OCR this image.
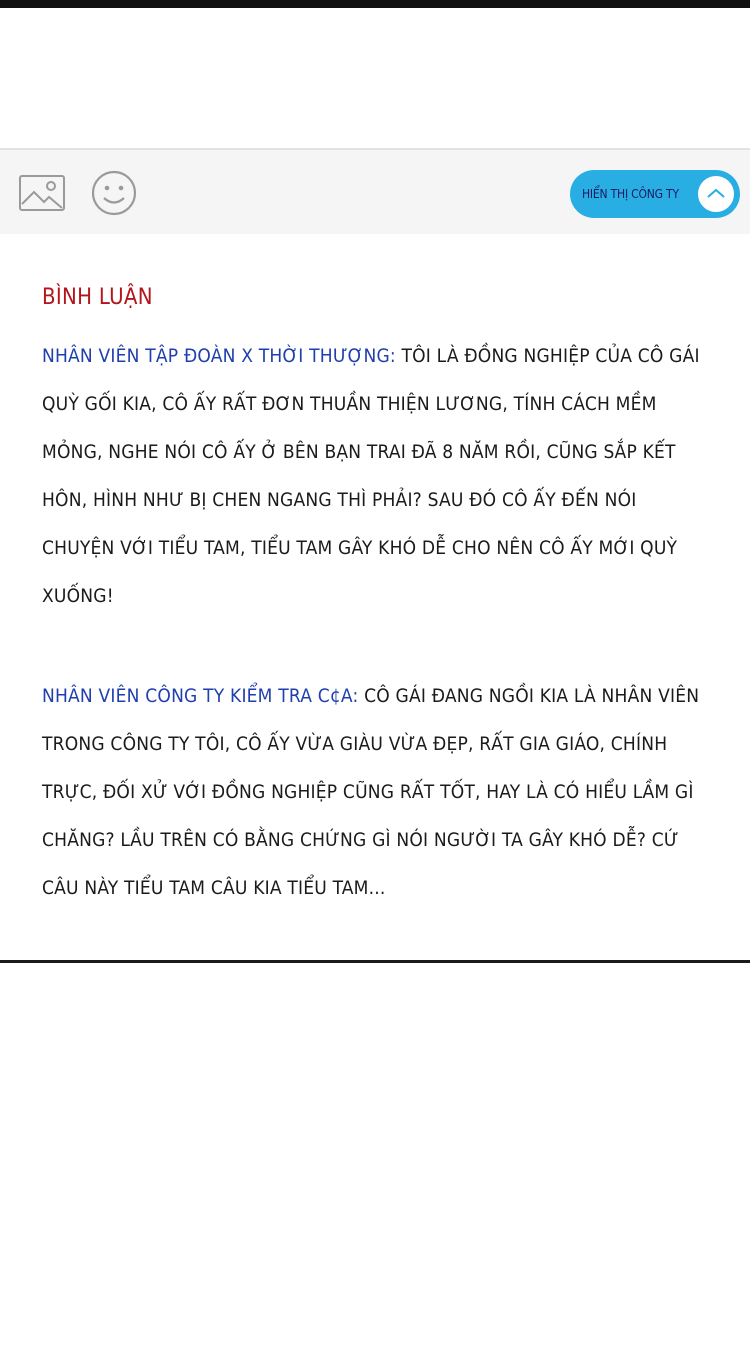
HIỂN THỊ CÔNG TY
BÌNH LUẬN
NHÂN VIÊN TẬP ĐOÀN X THỜI THƯỢNG: TÔI LÀ ĐỒNG NGHIỆP CỦA CÔ GÁI QUỲ GỐI KIA, CÔ ẤY RẤT ĐƠN THUẦN THIỆN LƯƠNG, TÍNH CÁCH MỀM MỎNG, NGHE NÓI CÔ ẤY Ở BÊN BẠN TRAI ĐÃ 8 NĂM RỒI, CŨNG SẮP KẾT HÔN, HÌNH NHƯ BỊ CHEN NGANG THÌ PHẢI? SAU ĐÓ CÔ ẤY ĐẾN NÓI CHUYỆN VỚI TIỂU TAM, TIỂU TAM GÂY KHÓ DỄ CHO NÊN CÔ ẤY MỚI QUỲ XUỐNG!
NHÂN VIÊN CÔNG TY KIỂM TRA C¢A: CÔ GÁI ĐANG NGỒI KIA LÀ NHÂN VIÊN TRONG CÔNG TY TÔI, CÔ ẤY VỪA GIÀU VỪA ĐẸP, RẤT GIA GIÁO, CHÍNH TRỰC, ĐỐI XỬ VỚI ĐỒNG NGHIỆP CŨNG RẤT TỐT, HAY LÀ CÓ HIỂU LẦM GÌ CHĂNG? LẦU TRÊN CÓ BẰNG CHỨNG GÌ NÓI NGƯỜI TA GÂY KHÓ DỄ? CỨ CÂU NÀY TIỂU TAM CÂU KIA TIỂU TAM...
